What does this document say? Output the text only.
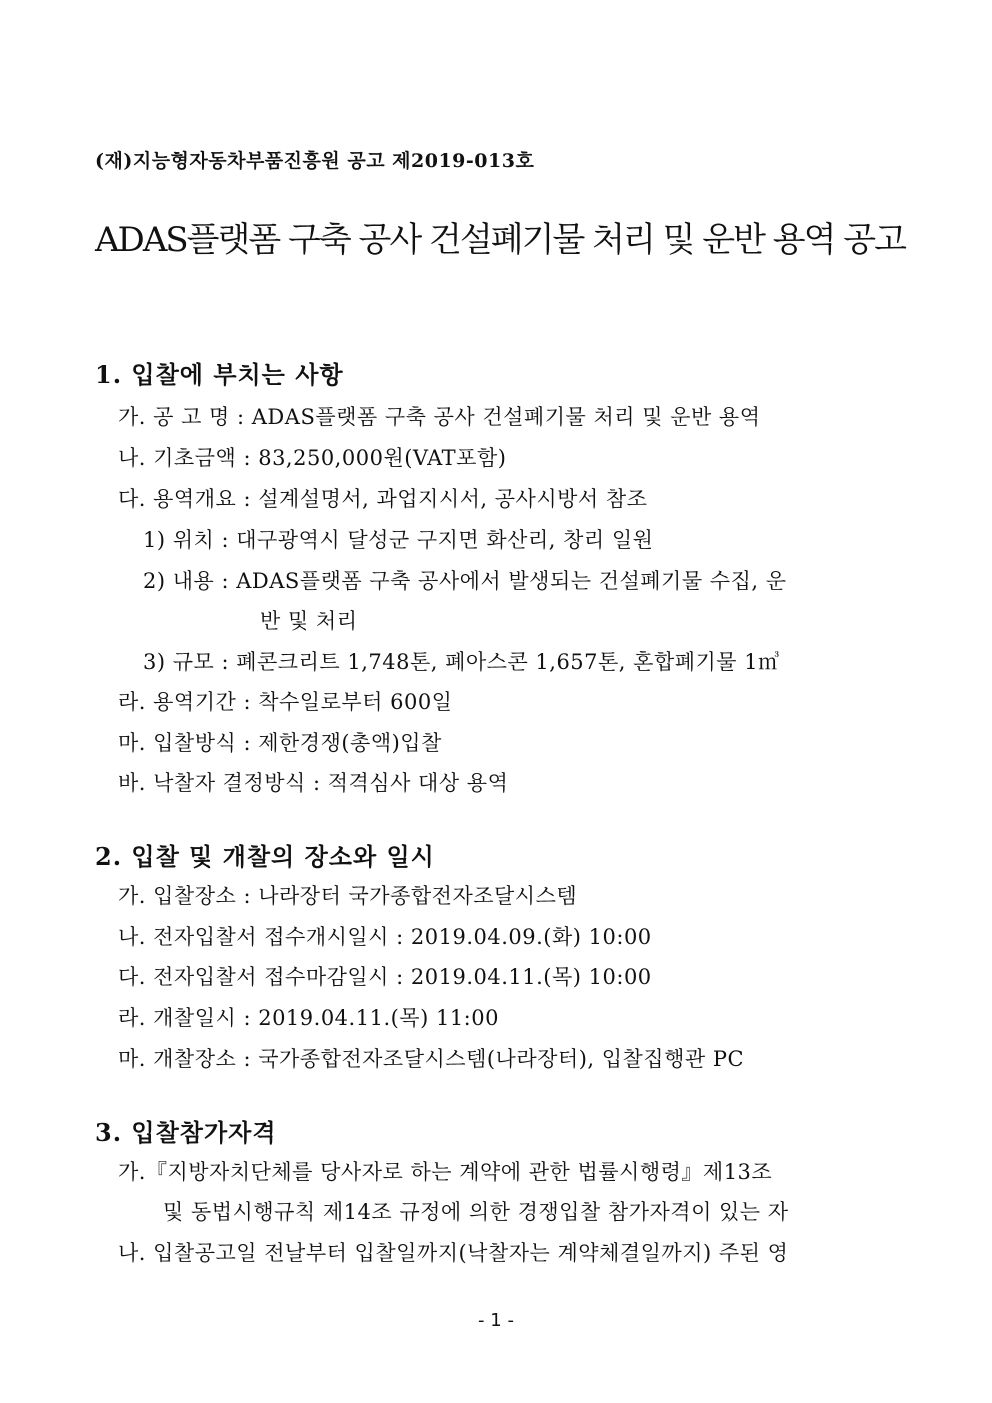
(재)지능형자동차부품진흥원 공고 제2019-013호
ADAS플랫폼 구축 공사 건설폐기물 처리 및 운반 용역 공고
1. 입찰에 부치는 사항
가. 공 고 명 : ADAS플랫폼 구축 공사 건설폐기물 처리 및 운반 용역
나. 기초금액 : 83,250,000원(VAT포함)
다. 용역개요 : 설계설명서, 과업지시서, 공사시방서 참조
1) 위치 : 대구광역시 달성군 구지면 화산리, 창리 일원
2) 내용 : ADAS플랫폼 구축 공사에서 발생되는 건설폐기물 수집, 운
반 및 처리
3) 규모 : 폐콘크리트 1,748톤, 폐아스콘 1,657톤, 혼합폐기물 1㎥
라. 용역기간 : 착수일로부터 600일
마. 입찰방식 : 제한경쟁(총액)입찰
바. 낙찰자 결정방식 : 적격심사 대상 용역
2. 입찰 및 개찰의 장소와 일시
가. 입찰장소 : 나라장터 국가종합전자조달시스템
나. 전자입찰서 접수개시일시 : 2019.04.09.(화) 10:00
다. 전자입찰서 접수마감일시 : 2019.04.11.(목) 10:00
라. 개찰일시 : 2019.04.11.(목) 11:00
마. 개찰장소 : 국가종합전자조달시스템(나라장터), 입찰집행관 PC
3. 입찰참가자격
가.『지방자치단체를 당사자로 하는 계약에 관한 법률시행령』제13조
및 동법시행규칙 제14조 규정에 의한 경쟁입찰 참가자격이 있는 자
나. 입찰공고일 전날부터 입찰일까지(낙찰자는 계약체결일까지) 주된 영
- 1 -
